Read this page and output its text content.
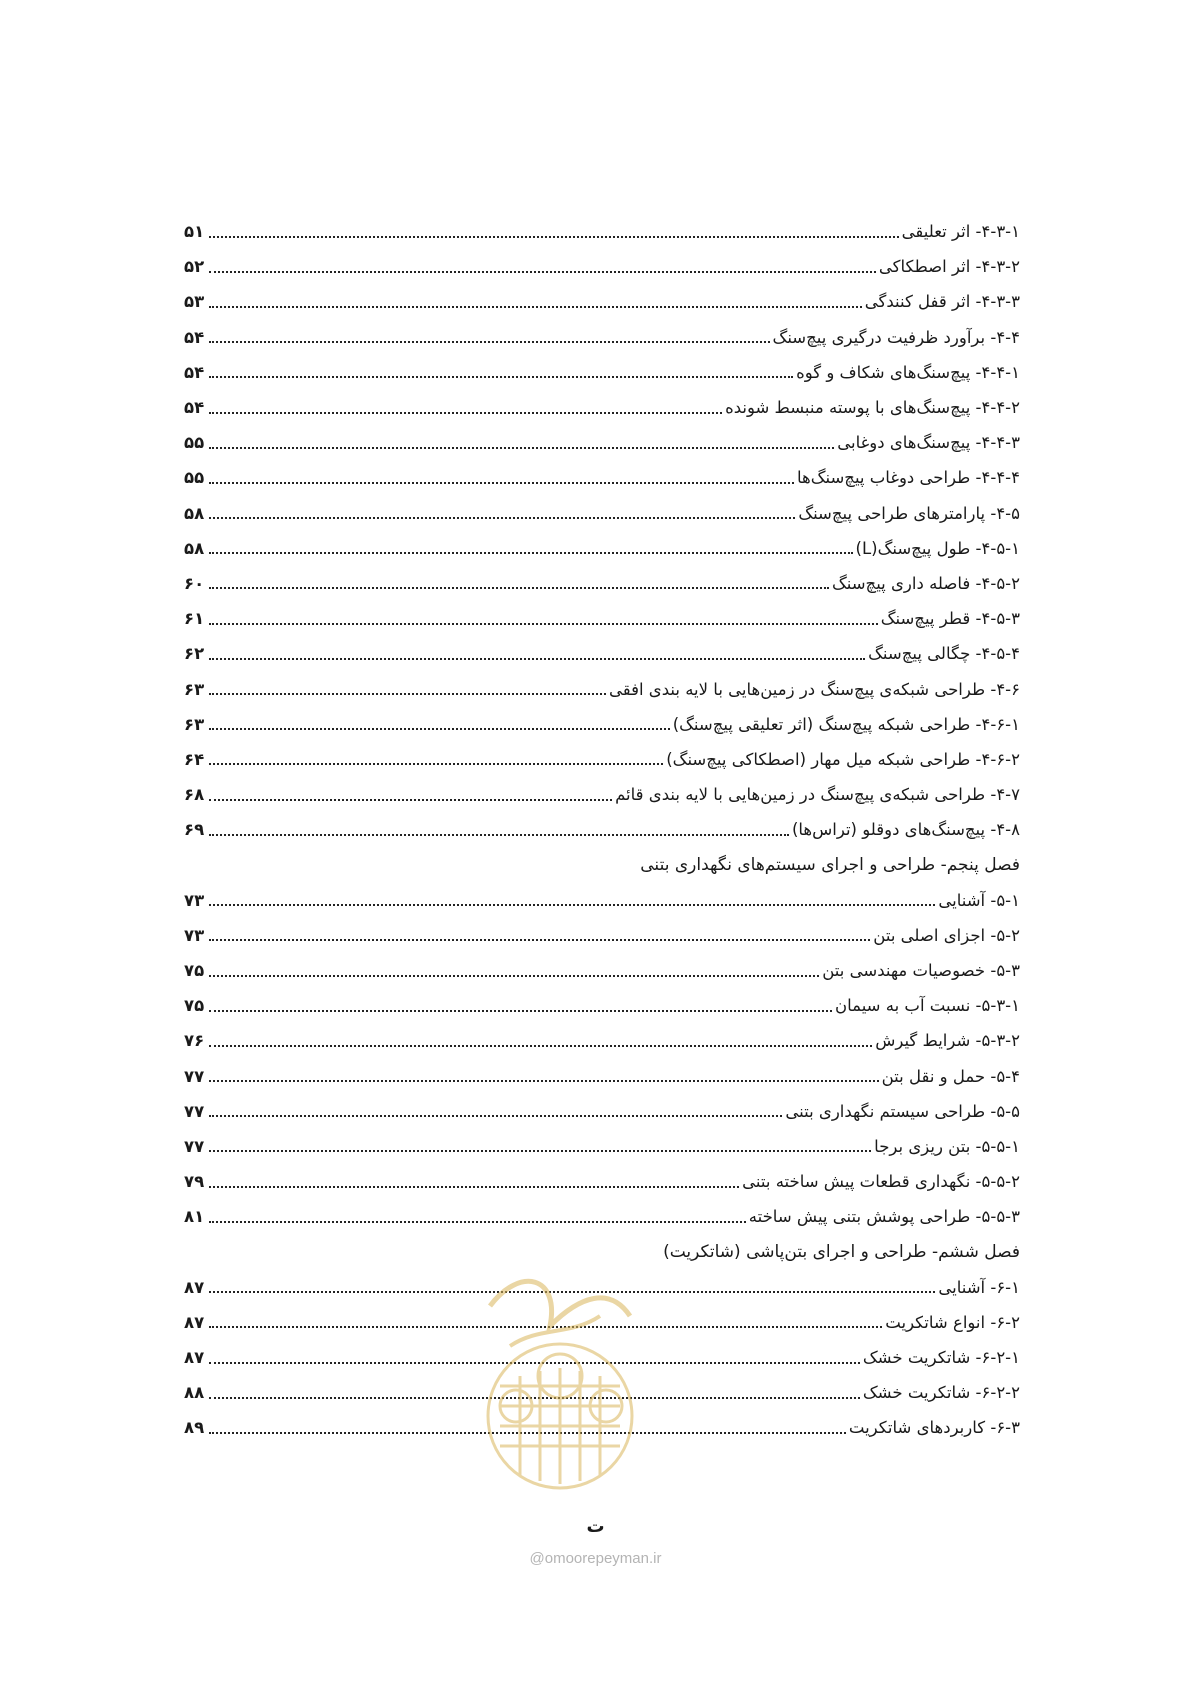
۴-۳-۱- اثر تعلیقی
۵۱
۴-۳-۲- اثر اصطکاکی
۵۲
۴-۳-۳- اثر قفل کنندگی
۵۳
۴-۴- برآورد ظرفیت درگیری پیچ‌سنگ
۵۴
۴-۴-۱- پیچ‌سنگ‌های شکاف و گوه
۵۴
۴-۴-۲- پیچ‌سنگ‌های با پوسته منبسط شونده
۵۴
۴-۴-۳- پیچ‌سنگ‌های دوغابی
۵۵
۴-۴-۴- طراحی دوغاب پیچ‌سنگ‌ها
۵۵
۴-۵- پارامترهای طراحی پیچ‌سنگ
۵۸
۴-۵-۱- طول پیچ‌سنگ(L)
۵۸
۴-۵-۲- فاصله داری پیچ‌سنگ
۶۰
۴-۵-۳- قطر پیچ‌سنگ
۶۱
۴-۵-۴- چگالی پیچ‌سنگ
۶۲
۴-۶- طراحی شبکه‌ی پیچ‌سنگ در زمین‌هایی با لایه بندی افقی
۶۳
۴-۶-۱- طراحی شبکه پیچ‌سنگ (اثر تعلیقی پیچ‌سنگ)
۶۳
۴-۶-۲- طراحی شبکه میل مهار (اصطکاکی پیچ‌سنگ)
۶۴
۴-۷- طراحی شبکه‌ی پیچ‌سنگ در زمین‌هایی با لایه بندی قائم
۶۸
۴-۸- پیچ‌سنگ‌های دوقلو (تراس‌ها)
۶۹
فصل پنجم- طراحی و اجرای سیستم‌های نگهداری بتنی
۵-۱- آشنایی
۷۳
۵-۲- اجزای اصلی بتن
۷۳
۵-۳- خصوصیات مهندسی بتن
۷۵
۵-۳-۱- نسبت آب به سیمان
۷۵
۵-۳-۲- شرایط گیرش
۷۶
۵-۴- حمل و نقل بتن
۷۷
۵-۵- طراحی سیستم نگهداری بتنی
۷۷
۵-۵-۱- بتن ریزی برجا
۷۷
۵-۵-۲- نگهداری قطعات پیش ساخته بتنی
۷۹
۵-۵-۳- طراحی پوشش بتنی پیش ساخته
۸۱
فصل ششم- طراحی و اجرای بتن‌پاشی (شاتکریت)
۶-۱- آشنایی
۸۷
۶-۲- انواع شاتکریت
۸۷
۶-۲-۱- شاتکریت خشک
۸۷
۶-۲-۲- شاتکریت خشک
۸۸
۶-۳- کاربردهای شاتکریت
۸۹
ت
@omoorepeyman.ir
